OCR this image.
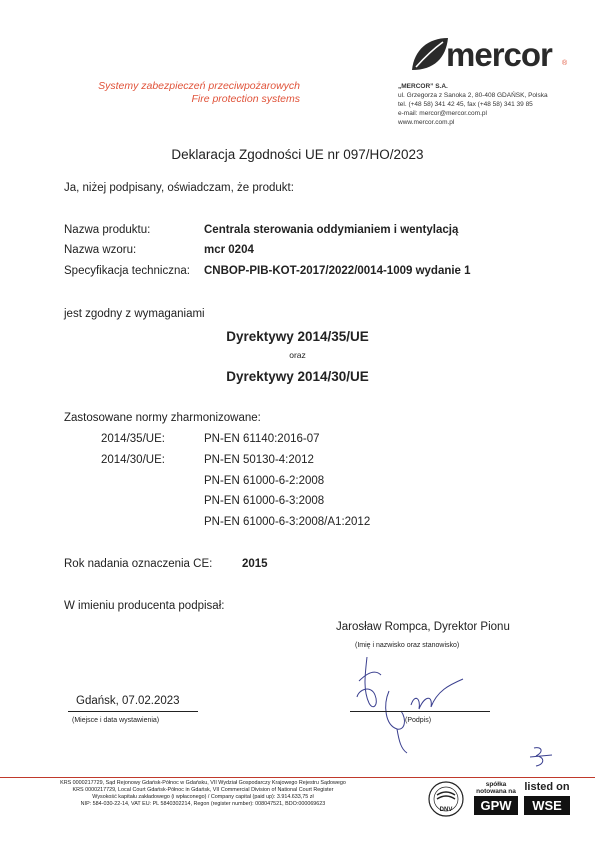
Systemy zabezpieczeń przeciwpożarowych
Fire protection systems
mercor ®
„MERCOR” S.A.
ul. Grzegorza z Sanoka 2, 80-408 GDAŃSK, Polska
tel. (+48 58) 341 42 45, fax (+48 58) 341 39 85
e-mail: mercor@mercor.com.pl
www.mercor.com.pl
Deklaracja Zgodności UE nr 097/HO/2023
Ja, niżej podpisany, oświadczam, że produkt:
Nazwa produktu:	Centrala sterowania oddymianiem i wentylacją
Nazwa wzoru:	mcr 0204
Specyfikacja techniczna: CNBOP-PIB-KOT-2017/2022/0014-1009 wydanie 1
jest zgodny z wymaganiami
Dyrektywy 2014/35/UE
oraz
Dyrektywy 2014/30/UE
Zastosowane normy zharmonizowane:
2014/35/UE:	PN-EN 61140:2016-07
2014/30/UE:	PN-EN 50130-4:2012
PN-EN 61000-6-2:2008
PN-EN 61000-6-3:2008
PN-EN 61000-6-3:2008/A1:2012
Rok nadania oznaczenia CE:	2015
W imieniu producenta podpisał:
Jarosław Rompca, Dyrektor Pionu
(Imię i nazwisko oraz stanowisko)
Gdańsk, 07.02.2023
(Miejsce i data wystawienia)	(Podpis)
KRS 0000217729, Sąd Rejonowy Gdańsk-Północ w Gdańsku, VII Wydział Gospodarczy Krajowego Rejestru Sądowego
KRS 0000217729, Local Court Gdańsk-Północ in Gdańsk, VII Commercial Division of National Court Register
Wysokość kapitału zakładowego (i wpłaconego) / Company capital (paid up): 3.914.633,75 zł
NIP: 584-030-22-14, VAT EU: PL 5840302214, Regon (register number): 008047521, BDO:000069623
DNV
spółka notowana na
GPW
listed on
WSE
